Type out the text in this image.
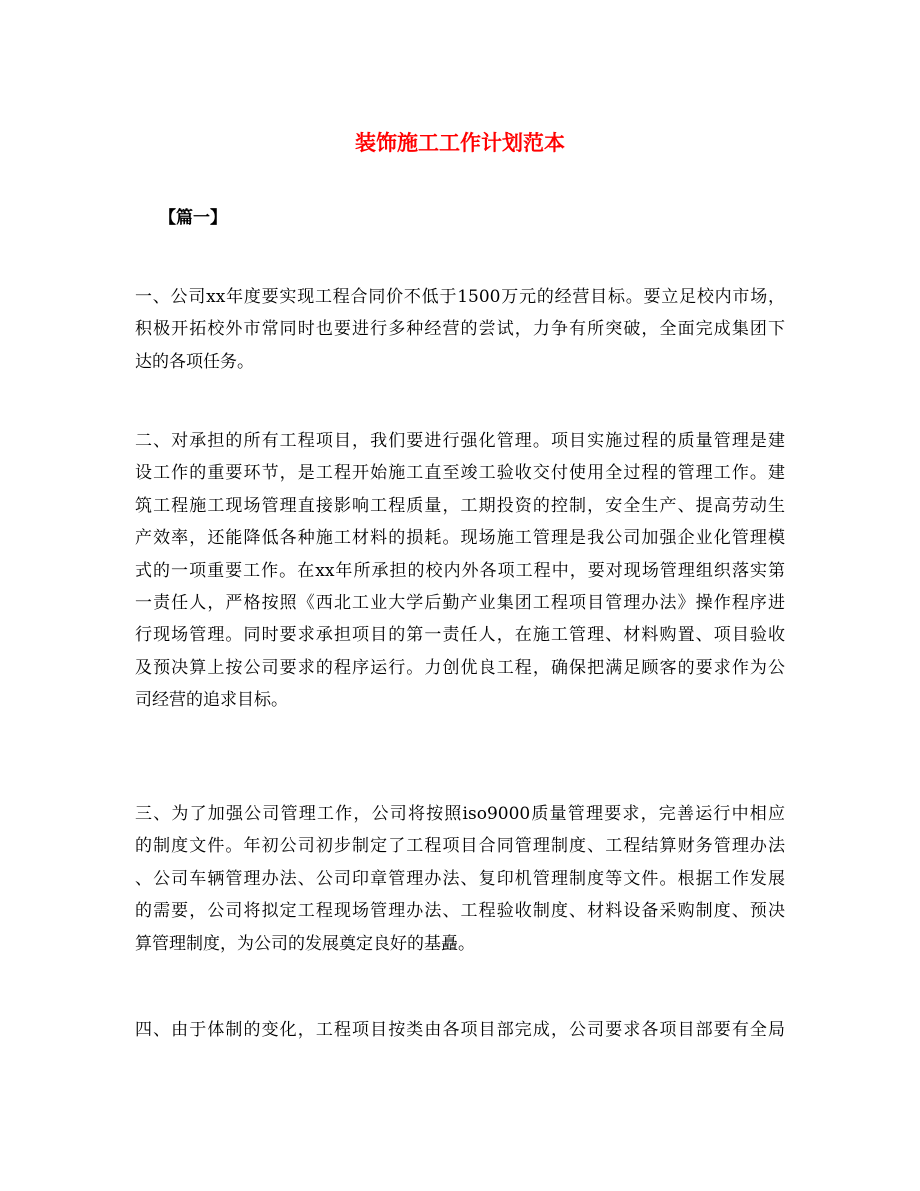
装饰施工工作计划范本
【篇一】
一、公司xx年度要实现工程合同价不低于1500万元的经营目标。要立足校内市场，
积极开拓校外市常同时也要进行多种经营的尝试，力争有所突破，全面完成集团下
达的各项任务。
二、对承担的所有工程项目，我们要进行强化管理。项目实施过程的质量管理是建
设工作的重要环节，是工程开始施工直至竣工验收交付使用全过程的管理工作。建
筑工程施工现场管理直接影响工程质量，工期投资的控制，安全生产、提高劳动生
产效率，还能降低各种施工材料的损耗。现场施工管理是我公司加强企业化管理模
式的一项重要工作。在xx年所承担的校内外各项工程中，要对现场管理组织落实第
一责任人，严格按照《西北工业大学后勤产业集团工程项目管理办法》操作程序进
行现场管理。同时要求承担项目的第一责任人，在施工管理、材料购置、项目验收
及预决算上按公司要求的程序运行。力创优良工程，确保把满足顾客的要求作为公
司经营的追求目标。
三、为了加强公司管理工作，公司将按照iso9000质量管理要求，完善运行中相应
的制度文件。年初公司初步制定了工程项目合同管理制度、工程结算财务管理办法
、公司车辆管理办法、公司印章管理办法、复印机管理制度等文件。根据工作发展
的需要，公司将拟定工程现场管理办法、工程验收制度、材料设备采购制度、预决
算管理制度，为公司的发展奠定良好的基矗。
四、由于体制的变化，工程项目按类由各项目部完成，公司要求各项目部要有全局
